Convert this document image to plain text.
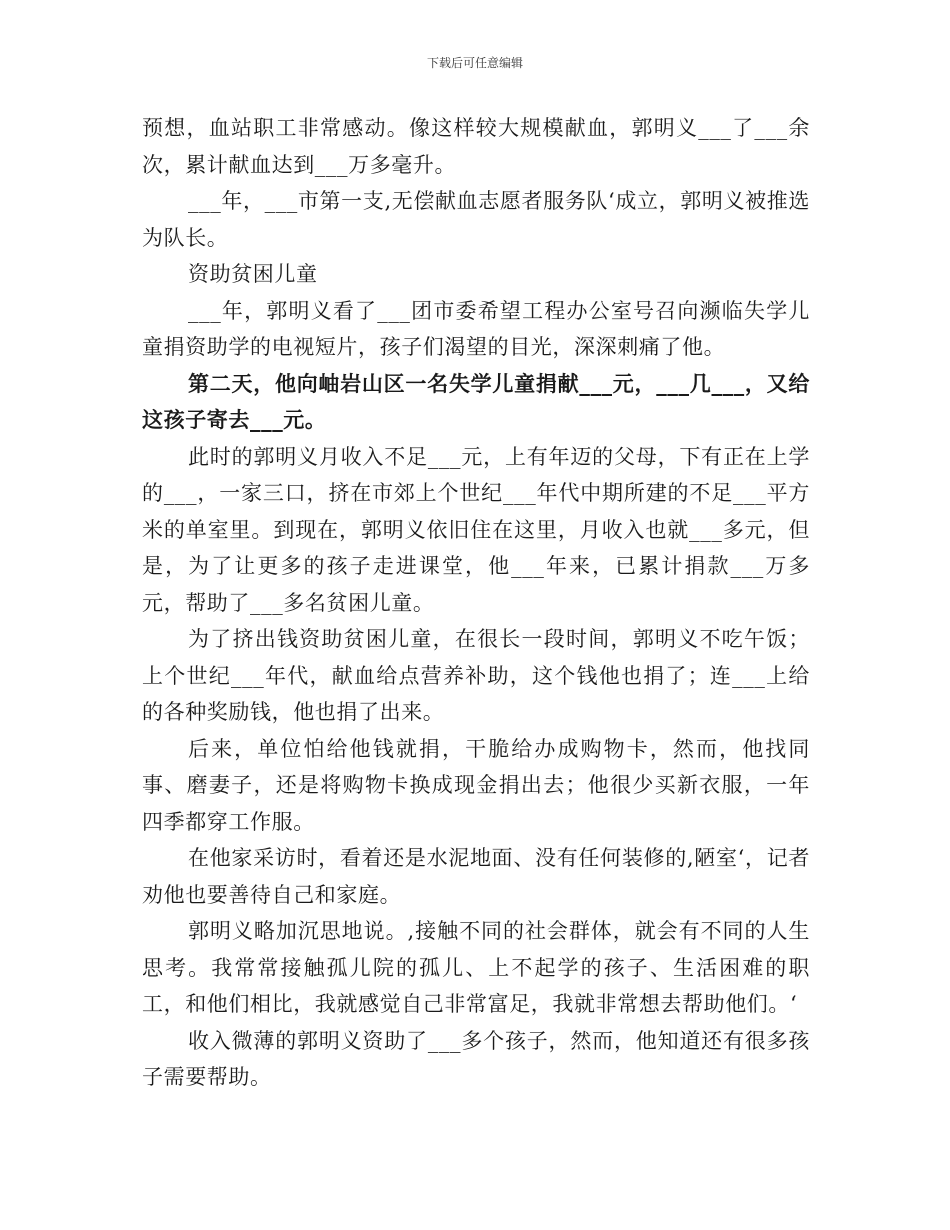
下载后可任意编辑

预想，血站职工非常感动。像这样较大规模献血，郭明义___了___余次，累计献血达到___万多毫升。

___年，___市第一支,无偿献血志愿者服务队‘成立，郭明义被推选为队长。

资助贫困儿童

___年，郭明义看了___团市委希望工程办公室号召向濒临失学儿童捐资助学的电视短片，孩子们渴望的目光，深深刺痛了他。

第二天，他向岫岩山区一名失学儿童捐献___元，___几___，又给这孩子寄去___元。

此时的郭明义月收入不足___元，上有年迈的父母，下有正在上学的___，一家三口，挤在市郊上个世纪___年代中期所建的不足___平方米的单室里。到现在，郭明义依旧住在这里，月收入也就___多元，但是，为了让更多的孩子走进课堂，他___年来，已累计捐款___万多元，帮助了___多名贫困儿童。

为了挤出钱资助贫困儿童，在很长一段时间，郭明义不吃午饭；上个世纪___年代，献血给点营养补助，这个钱他也捐了；连___上给的各种奖励钱，他也捐了出来。

后来，单位怕给他钱就捐，干脆给办成购物卡，然而，他找同事、磨妻子，还是将购物卡换成现金捐出去；他很少买新衣服，一年四季都穿工作服。

在他家采访时，看着还是水泥地面、没有任何装修的,陋室‘，记者劝他也要善待自己和家庭。

郭明义略加沉思地说。,接触不同的社会群体，就会有不同的人生思考。我常常接触孤儿院的孤儿、上不起学的孩子、生活困难的职工，和他们相比，我就感觉自己非常富足，我就非常想去帮助他们。‘

收入微薄的郭明义资助了___多个孩子，然而，他知道还有很多孩子需要帮助。
